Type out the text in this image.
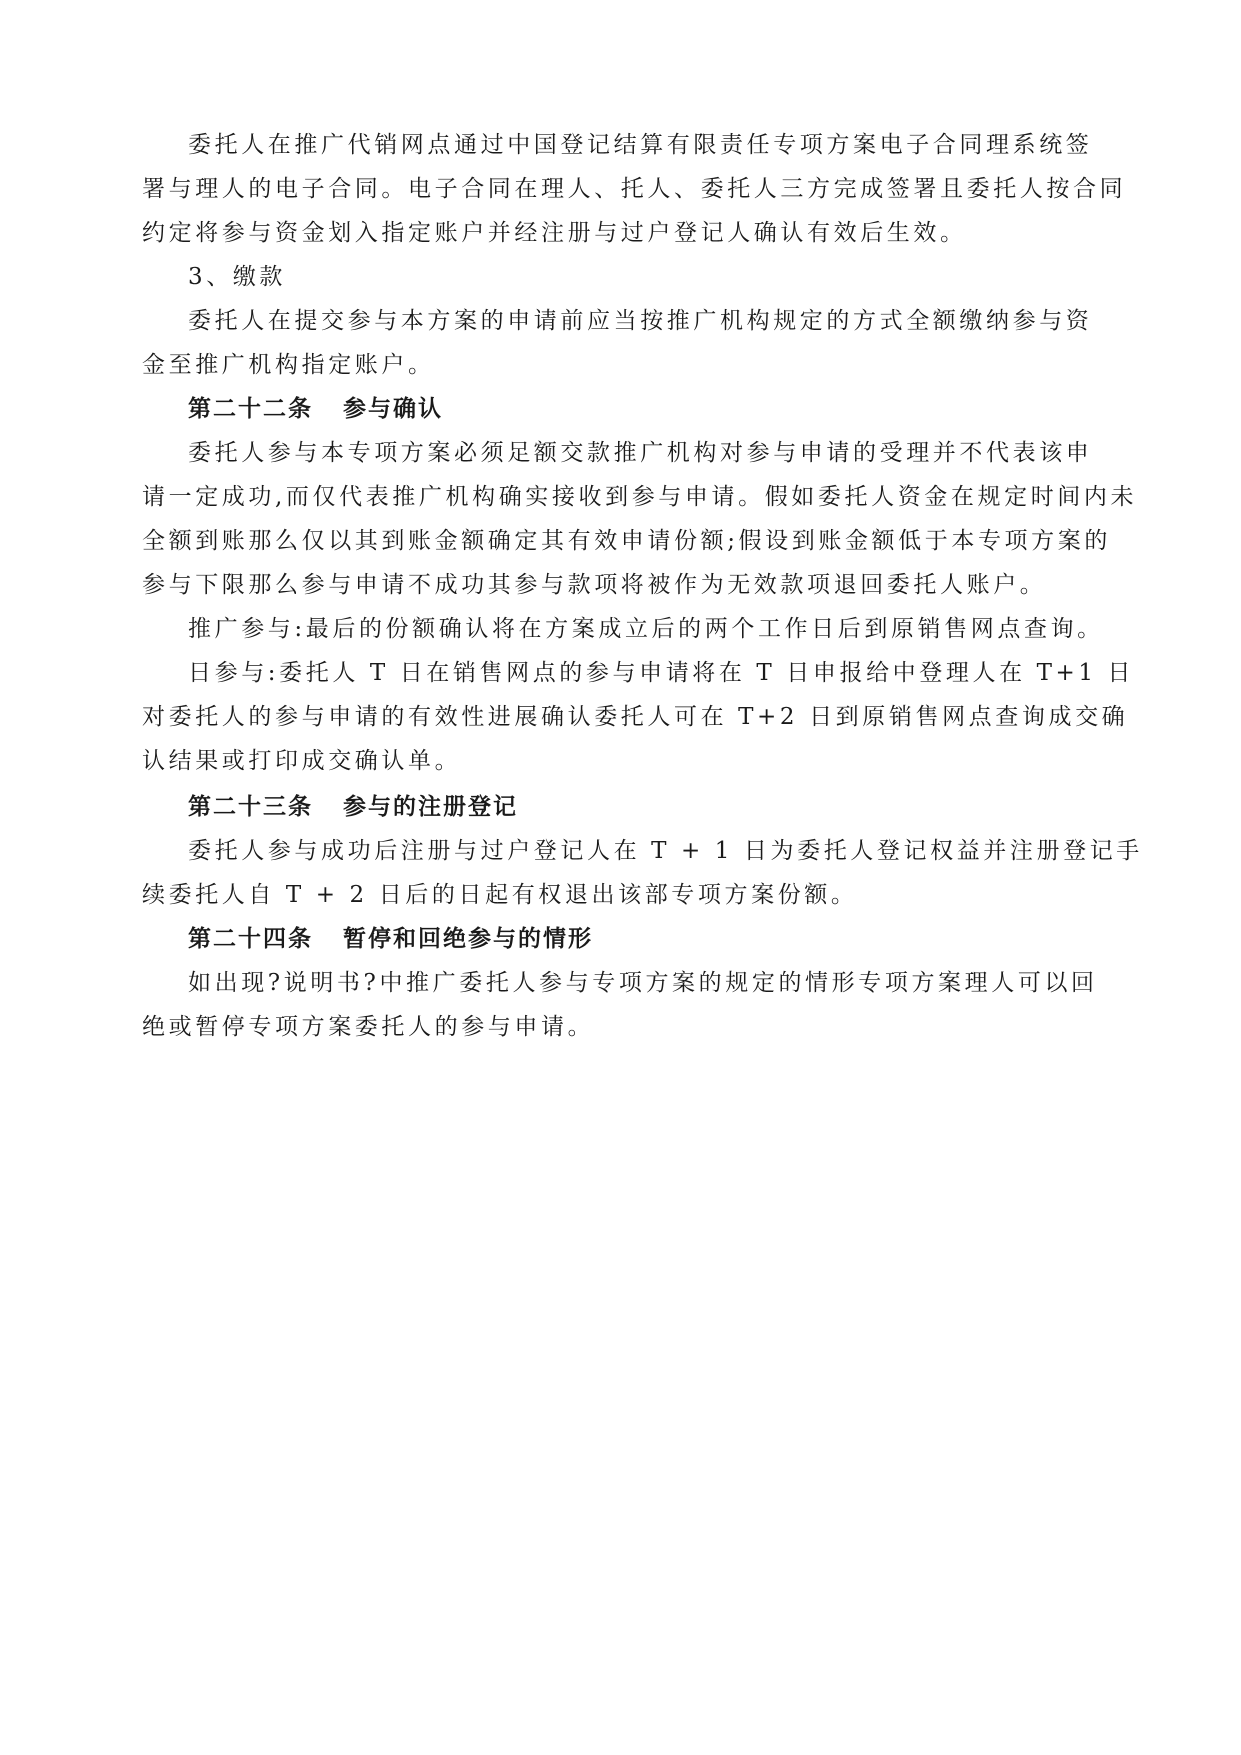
委托人在推广代销网点通过中国登记结算有限责任专项方案电子合同理系统签
署与理人的电子合同。电子合同在理人、托人、委托人三方完成签署且委托人按合同
约定将参与资金划入指定账户并经注册与过户登记人确认有效后生效。
3、缴款
委托人在提交参与本方案的申请前应当按推广机构规定的方式全额缴纳参与资
金至推广机构指定账户。
第二十二条 参与确认
委托人参与本专项方案必须足额交款推广机构对参与申请的受理并不代表该申
请一定成功,而仅代表推广机构确实接收到参与申请。假如委托人资金在规定时间内未
全额到账那么仅以其到账金额确定其有效申请份额;假设到账金额低于本专项方案的
参与下限那么参与申请不成功其参与款项将被作为无效款项退回委托人账户。
推广参与:最后的份额确认将在方案成立后的两个工作日后到原销售网点查询。
日参与:委托人 T 日在销售网点的参与申请将在 T 日申报给中登理人在 T+1 日
对委托人的参与申请的有效性进展确认委托人可在 T+2 日到原销售网点查询成交确
认结果或打印成交确认单。
第二十三条 参与的注册登记
委托人参与成功后注册与过户登记人在 T + 1 日为委托人登记权益并注册登记手
续委托人自 T + 2 日后的日起有权退出该部专项方案份额。
第二十四条 暂停和回绝参与的情形
如出现?说明书?中推广委托人参与专项方案的规定的情形专项方案理人可以回
绝或暂停专项方案委托人的参与申请。
